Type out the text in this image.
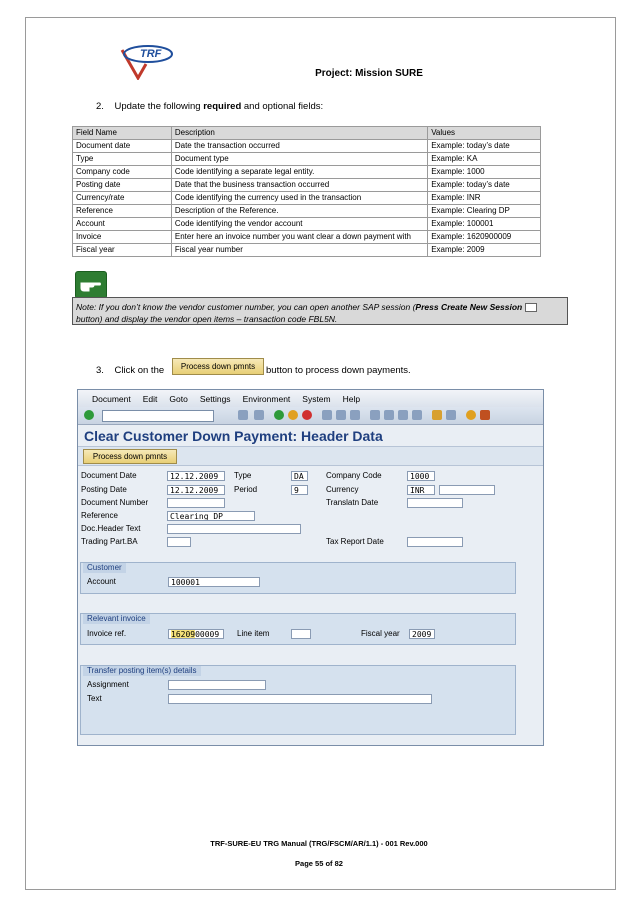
TRF
Project: Mission SURE
2. Update the following required and optional fields:
Field Name	Description	Values
Document date	Date the transaction occurred	Example: today’s date
Type	Document type	Example: KA
Company code	Code identifying a separate legal entity.	Example: 1000
Posting date	Date that the business transaction occurred	Example: today’s date
Currency/rate	Code identifying the currency used in the transaction	Example: INR
Reference	Description of the Reference.	Example: Clearing DP
Account	Code identifying the vendor account	Example: 100001
Invoice	Enter here an invoice number you want clear a down payment with	Example: 1620900009
Fiscal year	Fiscal year number	Example: 2009
Note: If you don’t know the vendor customer number, you can open another SAP session (Press Create New Session  button) and display the vendor open items – transaction code FBL5N.
3. Click on the	Process down pmnts	button to process down payments.
Document Edit Goto Settings Environment System Help
Clear Customer Down Payment: Header Data
Process down pmnts
Document Date	12.12.2009	Type	DA	Company Code	1000
Posting Date	12.12.2009	Period	9	Currency	INR
Document Number	Translatn Date
Reference	Clearing DP
Doc.Header Text
Trading Part.BA	Tax Report Date
Customer
Account	100001
Relevant invoice
Invoice ref.	1620900009	Line item	Fiscal year	2009
Transfer posting item(s) details
Assignment
Text
TRF-SURE-EU TRG Manual (TRG/FSCM/AR/1.1) - 001 Rev.000
Page 55 of 82
